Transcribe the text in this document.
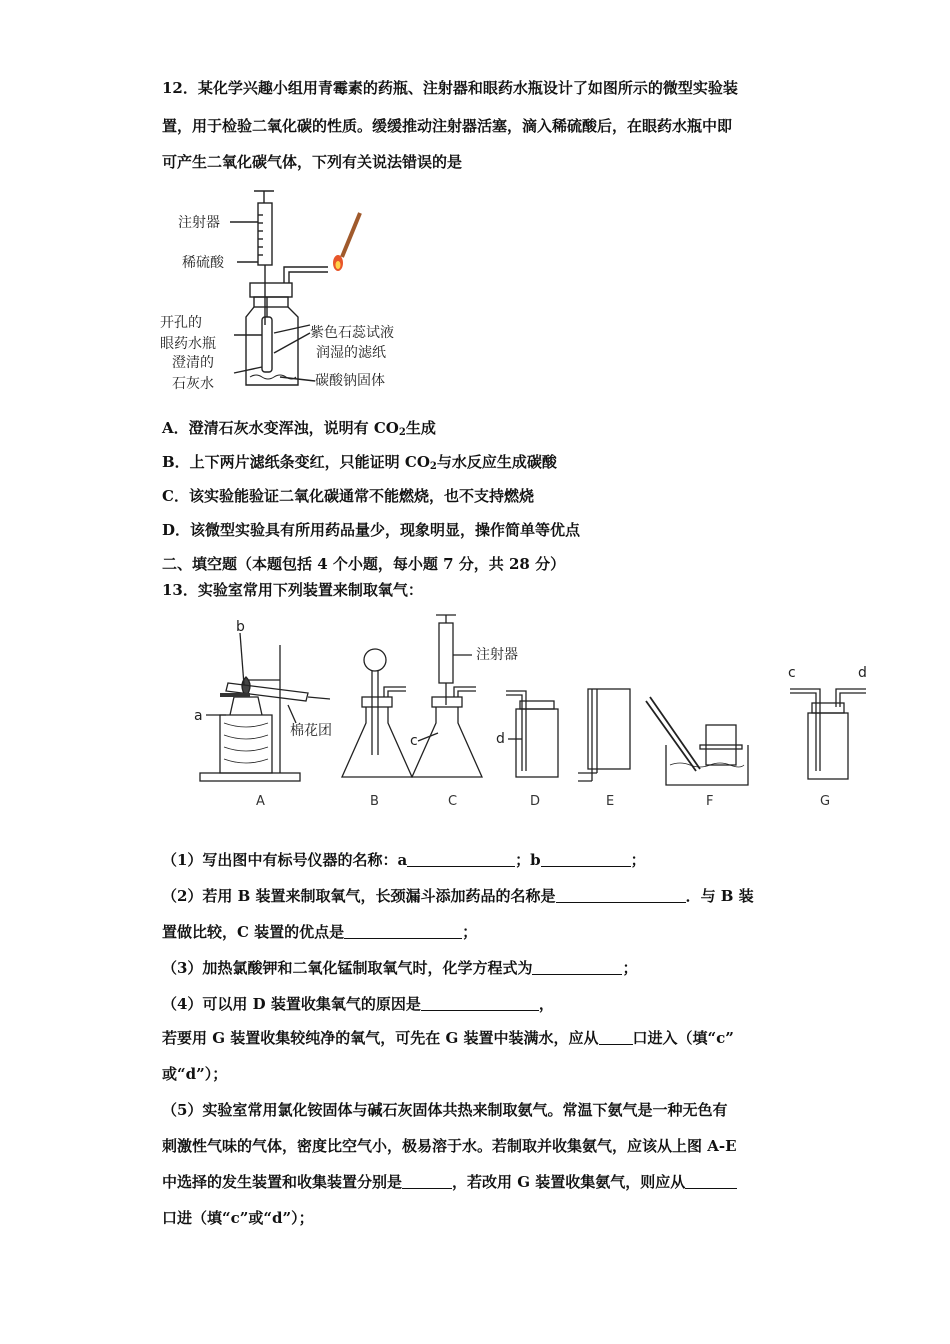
12．某化学兴趣小组用青霉素的药瓶、注射器和眼药水瓶设计了如图所示的微型实验装
置，用于检验二氧化碳的性质。缓缓推动注射器活塞，滴入稀硫酸后，在眼药水瓶中即
可产生二氧化碳气体，下列有关说法错误的是
注射器
稀硫酸
开孔的
眼药水瓶
澄清的
石灰水
紫色石蕊试液
润湿的滤纸
碳酸钠固体
A．澄清石灰水变浑浊，说明有 $CO_2$生成
B．上下两片滤纸条变红，只能证明 $CO_2$与水反应生成碳酸
C．该实验能验证二氧化碳通常不能燃烧，也不支持燃烧
D．该微型实验具有所用药品量少，现象明显，操作简单等优点
二、填空题（本题包括 4 个小题，每小题 7 分，共 28 分）
13．实验室常用下列装置来制取氧气：
b
a
棉花团
注射器
c	d
c	d
A	B	C	D	E	F	G
（1）写出图中有标号仪器的名称：a	；b	；
（2）若用 B 装置来制取氧气，长颈漏斗添加药品的名称是	．与 B 装
置做比较，C 装置的优点是	；
（3）加热氯酸钾和二氧化锰制取氧气时，化学方程式为	；
（4）可以用 D 装置收集氧气的原因是	，
若要用 G 装置收集较纯净的氧气，可先在 G 装置中装满水，应从 口进入（填“c”
或“d”）；
（5）实验室常用氯化铵固体与碱石灰固体共热来制取氨气。常温下氨气是一种无色有
刺激性气味的气体，密度比空气小，极易溶于水。若制取并收集氨气，应该从上图 A-E
中选择的发生装置和收集装置分别是	，若改用 G 装置收集氨气，则应从
口进（填“c”或“d”）；
